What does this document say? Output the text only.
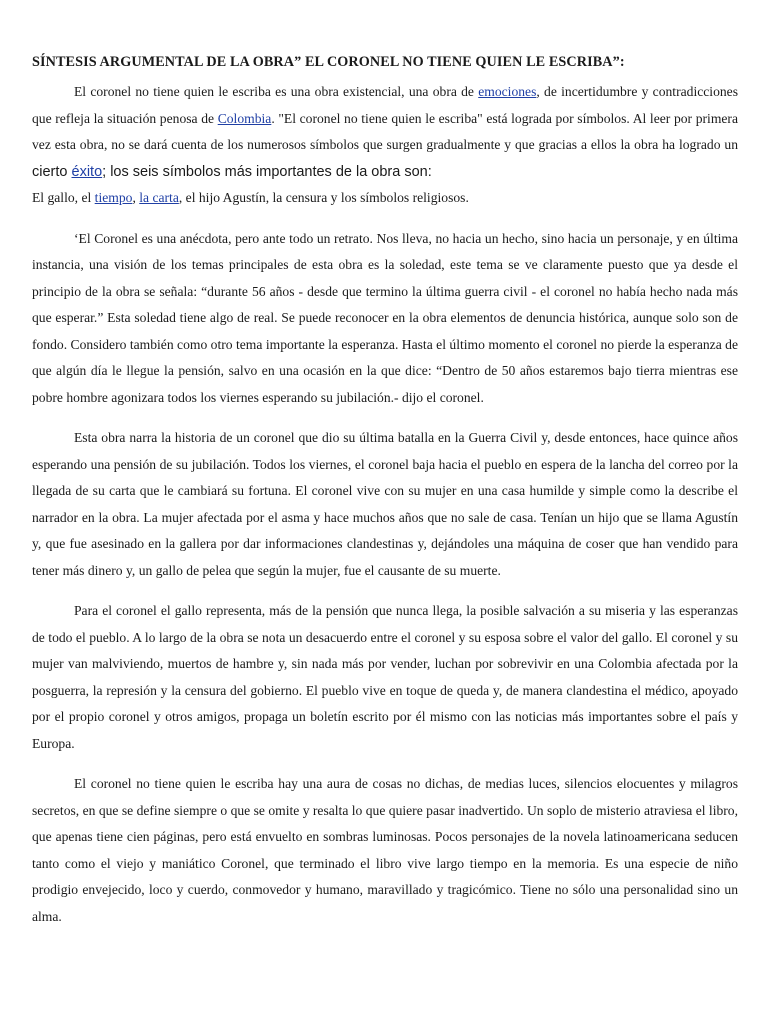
SÍNTESIS ARGUMENTAL DE LA OBRA” EL CORONEL NO TIENE QUIEN LE ESCRIBA”:

El coronel no tiene quien le escriba es una obra existencial, una obra de emociones, de incertidumbre y contradicciones que refleja la situación penosa de Colombia. "El coronel no tiene quien le escriba" está lograda por símbolos. Al leer por primera vez esta obra, no se dará cuenta de los numerosos símbolos que surgen gradualmente y que gracias a ellos la obra ha logrado un cierto éxito; los seis símbolos más importantes de la obra son:
El gallo, el tiempo, la carta, el hijo Agustín, la censura y los símbolos religiosos.

‘El Coronel es una anécdota, pero ante todo un retrato. Nos lleva, no hacia un hecho, sino hacia un personaje, y en última instancia, una visión de los temas principales de esta obra es la soledad, este tema se ve claramente puesto que ya desde el principio de la obra se señala: “durante 56 años - desde que termino la última guerra civil - el coronel no había hecho nada más que esperar.” Esta soledad tiene algo de real. Se puede reconocer en la obra elementos de denuncia histórica, aunque solo son de fondo. Considero también como otro tema importante la esperanza. Hasta el último momento el coronel no pierde la esperanza de que algún día le llegue la pensión, salvo en una ocasión en la que dice: “Dentro de 50 años estaremos bajo tierra mientras ese pobre hombre agonizara todos los viernes esperando su jubilación.- dijo el coronel.

Esta obra narra la historia de un coronel que dio su última batalla en la Guerra Civil y, desde entonces, hace quince años esperando una pensión de su jubilación. Todos los viernes, el coronel baja hacia el pueblo en espera de la lancha del correo por la llegada de su carta que le cambiará su fortuna. El coronel vive con su mujer en una casa humilde y simple como la describe el narrador en la obra. La mujer afectada por el asma y hace muchos años que no sale de casa. Tenían un hijo que se llama Agustín y, que fue asesinado en la gallera por dar informaciones clandestinas y, dejándoles una máquina de coser que han vendido para tener más dinero y, un gallo de pelea que según la mujer, fue el causante de su muerte.

Para el coronel el gallo representa, más de la pensión que nunca llega, la posible salvación a su miseria y las esperanzas de todo el pueblo. A lo largo de la obra se nota un desacuerdo entre el coronel y su esposa sobre el valor del gallo. El coronel y su mujer van malviviendo, muertos de hambre y, sin nada más por vender, luchan por sobrevivir en una Colombia afectada por la posguerra, la represión y la censura del gobierno. El pueblo vive en toque de queda y, de manera clandestina el médico, apoyado por el propio coronel y otros amigos, propaga un boletín escrito por él mismo con las noticias más importantes sobre el país y Europa.

El coronel no tiene quien le escriba hay una aura de cosas no dichas, de medias luces, silencios elocuentes y milagros secretos, en que se define siempre o que se omite y resalta lo que quiere pasar inadvertido. Un soplo de misterio atraviesa el libro, que apenas tiene cien páginas, pero está envuelto en sombras luminosas. Pocos personajes de la novela latinoamericana seducen tanto como el viejo y maniático Coronel, que terminado el libro vive largo tiempo en la memoria. Es una especie de niño prodigio envejecido, loco y cuerdo, conmovedor y humano, maravillado y tragicómico. Tiene no sólo una personalidad sino un alma.
